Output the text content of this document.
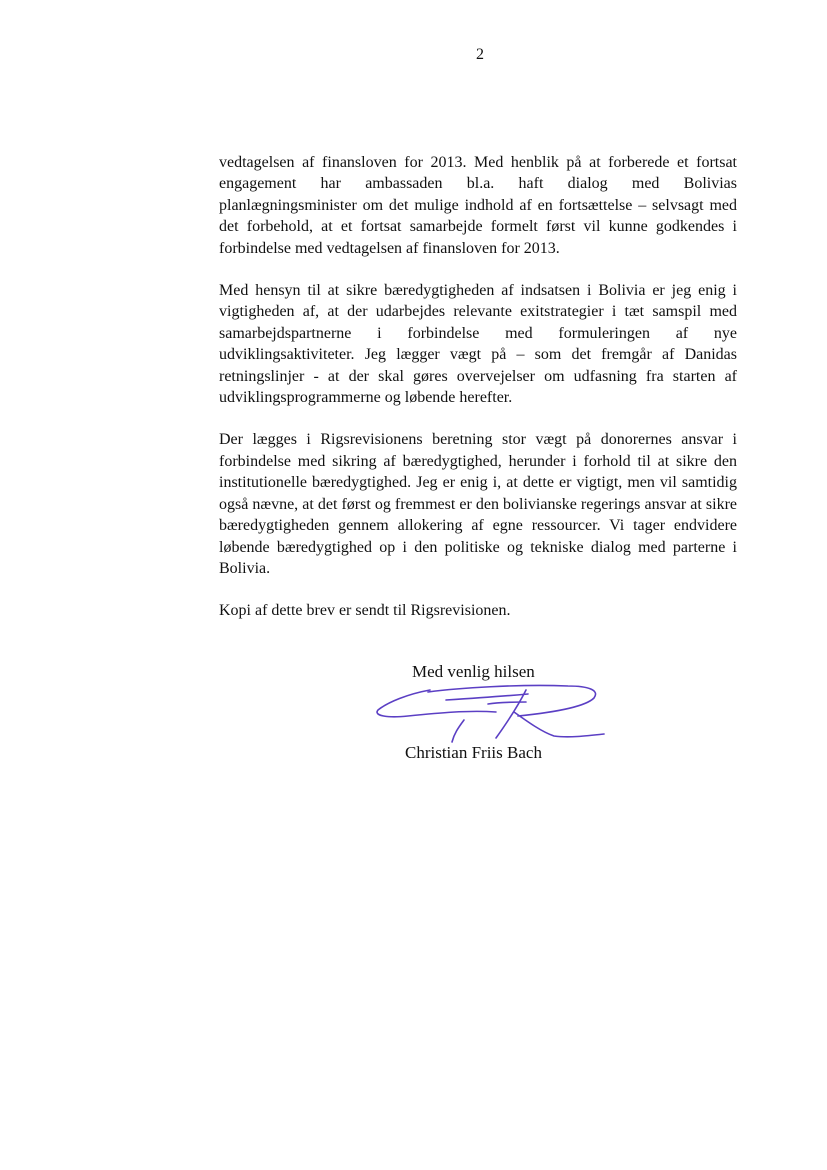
2

vedtagelsen af finansloven for 2013. Med henblik på at forberede et fortsat engagement har ambassaden bl.a. haft dialog med Bolivias planlægningsminister om det mulige indhold af en fortsættelse – selvsagt med det forbehold, at et fortsat samarbejde formelt først vil kunne godkendes i forbindelse med vedtagelsen af finansloven for 2013.

Med hensyn til at sikre bæredygtigheden af indsatsen i Bolivia er jeg enig i vigtigheden af, at der udarbejdes relevante exitstrategier i tæt samspil med samarbejdspartnerne i forbindelse med formuleringen af nye udviklingsaktiviteter. Jeg lægger vægt på – som det fremgår af Danidas retningslinjer - at der skal gøres overvejelser om udfasning fra starten af udviklingsprogrammerne og løbende herefter.

Der lægges i Rigsrevisionens beretning stor vægt på donorernes ansvar i forbindelse med sikring af bæredygtighed, herunder i forhold til at sikre den institutionelle bæredygtighed. Jeg er enig i, at dette er vigtigt, men vil samtidig også nævne, at det først og fremmest er den bolivianske regerings ansvar at sikre bæredygtigheden gennem allokering af egne ressourcer. Vi tager endvidere løbende bæredygtighed op i den politiske og tekniske dialog med parterne i Bolivia.

Kopi af dette brev er sendt til Rigsrevisionen.

Med venlig hilsen
Christian Friis Bach
